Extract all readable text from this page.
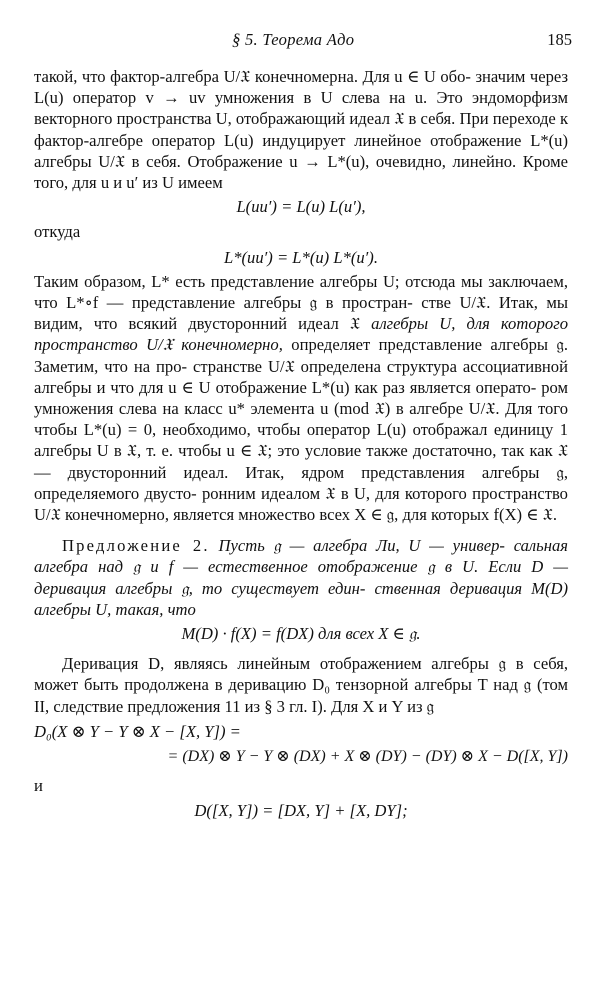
§ 5. Теорема Адо	185

такой, что фактор-алгебра U/𝔛 конечномерна. Для u ∈ U обо- значим через L(u) оператор v → uv умножения в U слева на u. Это эндоморфизм векторного пространства U, отображающий идеал 𝔛 в себя. При переходе к фактор-алгебре оператор L(u) индуцирует линейное отображение L*(u) алгебры U/𝔛 в себя. Отображение u → L*(u), очевидно, линейно. Кроме того, для u и u′ из U имеем

L(uu′) = L(u) L(u′),
откуда
L*(uu′) = L*(u) L*(u′).

Таким образом, L* есть представление алгебры U; отсюда мы заключаем, что L*∘f — представление алгебры 𝔤 в простран- стве U/𝔛. Итак, мы видим, что всякий двусторонний идеал 𝔛 алгебры U, для которого пространство U/𝔛 конечномерно, определяет представление алгебры 𝔤. Заметим, что на про- странстве U/𝔛 определена структура ассоциативной алгебры и что для u ∈ U отображение L*(u) как раз является операто- ром умножения слева на класс u* элемента u (mod 𝔛) в алгебре U/𝔛. Для того чтобы L*(u) = 0, необходимо, чтобы оператор L(u) отображал единицу 1 алгебры U в 𝔛, т. е. чтобы u ∈ 𝔛; это условие также достаточно, так как 𝔛 — двусторонний идеал. Итак, ядром представления алгебры 𝔤, определяемого двусто- ронним идеалом 𝔛 в U, для которого пространство U/𝔛 конечномерно, является множество всех X ∈ 𝔤, для которых f(X) ∈ 𝔛.

Предложение 2. Пусть 𝔤 — алгебра Ли, U — универ- сальная алгебра над 𝔤 и f — естественное отображение 𝔤 в U. Если D — деривация алгебры 𝔤, то существует един- ственная деривация M(D) алгебры U, такая, что

M(D) · f(X) = f(DX) для всех X ∈ 𝔤.

Деривация D, являясь линейным отображением алгебры 𝔤 в себя, может быть продолжена в деривацию D₀ тензорной алгебры T над 𝔤 (том II, следствие предложения 11 из § 3 гл. I). Для X и Y из 𝔤

D₀(X ⊗ Y − Y ⊗ X − [X, Y]) =
= (DX) ⊗ Y − Y ⊗ (DX) + X ⊗ (DY) − (DY) ⊗ X − D([X, Y])
и
D([X, Y]) = [DX, Y] + [X, DY];
